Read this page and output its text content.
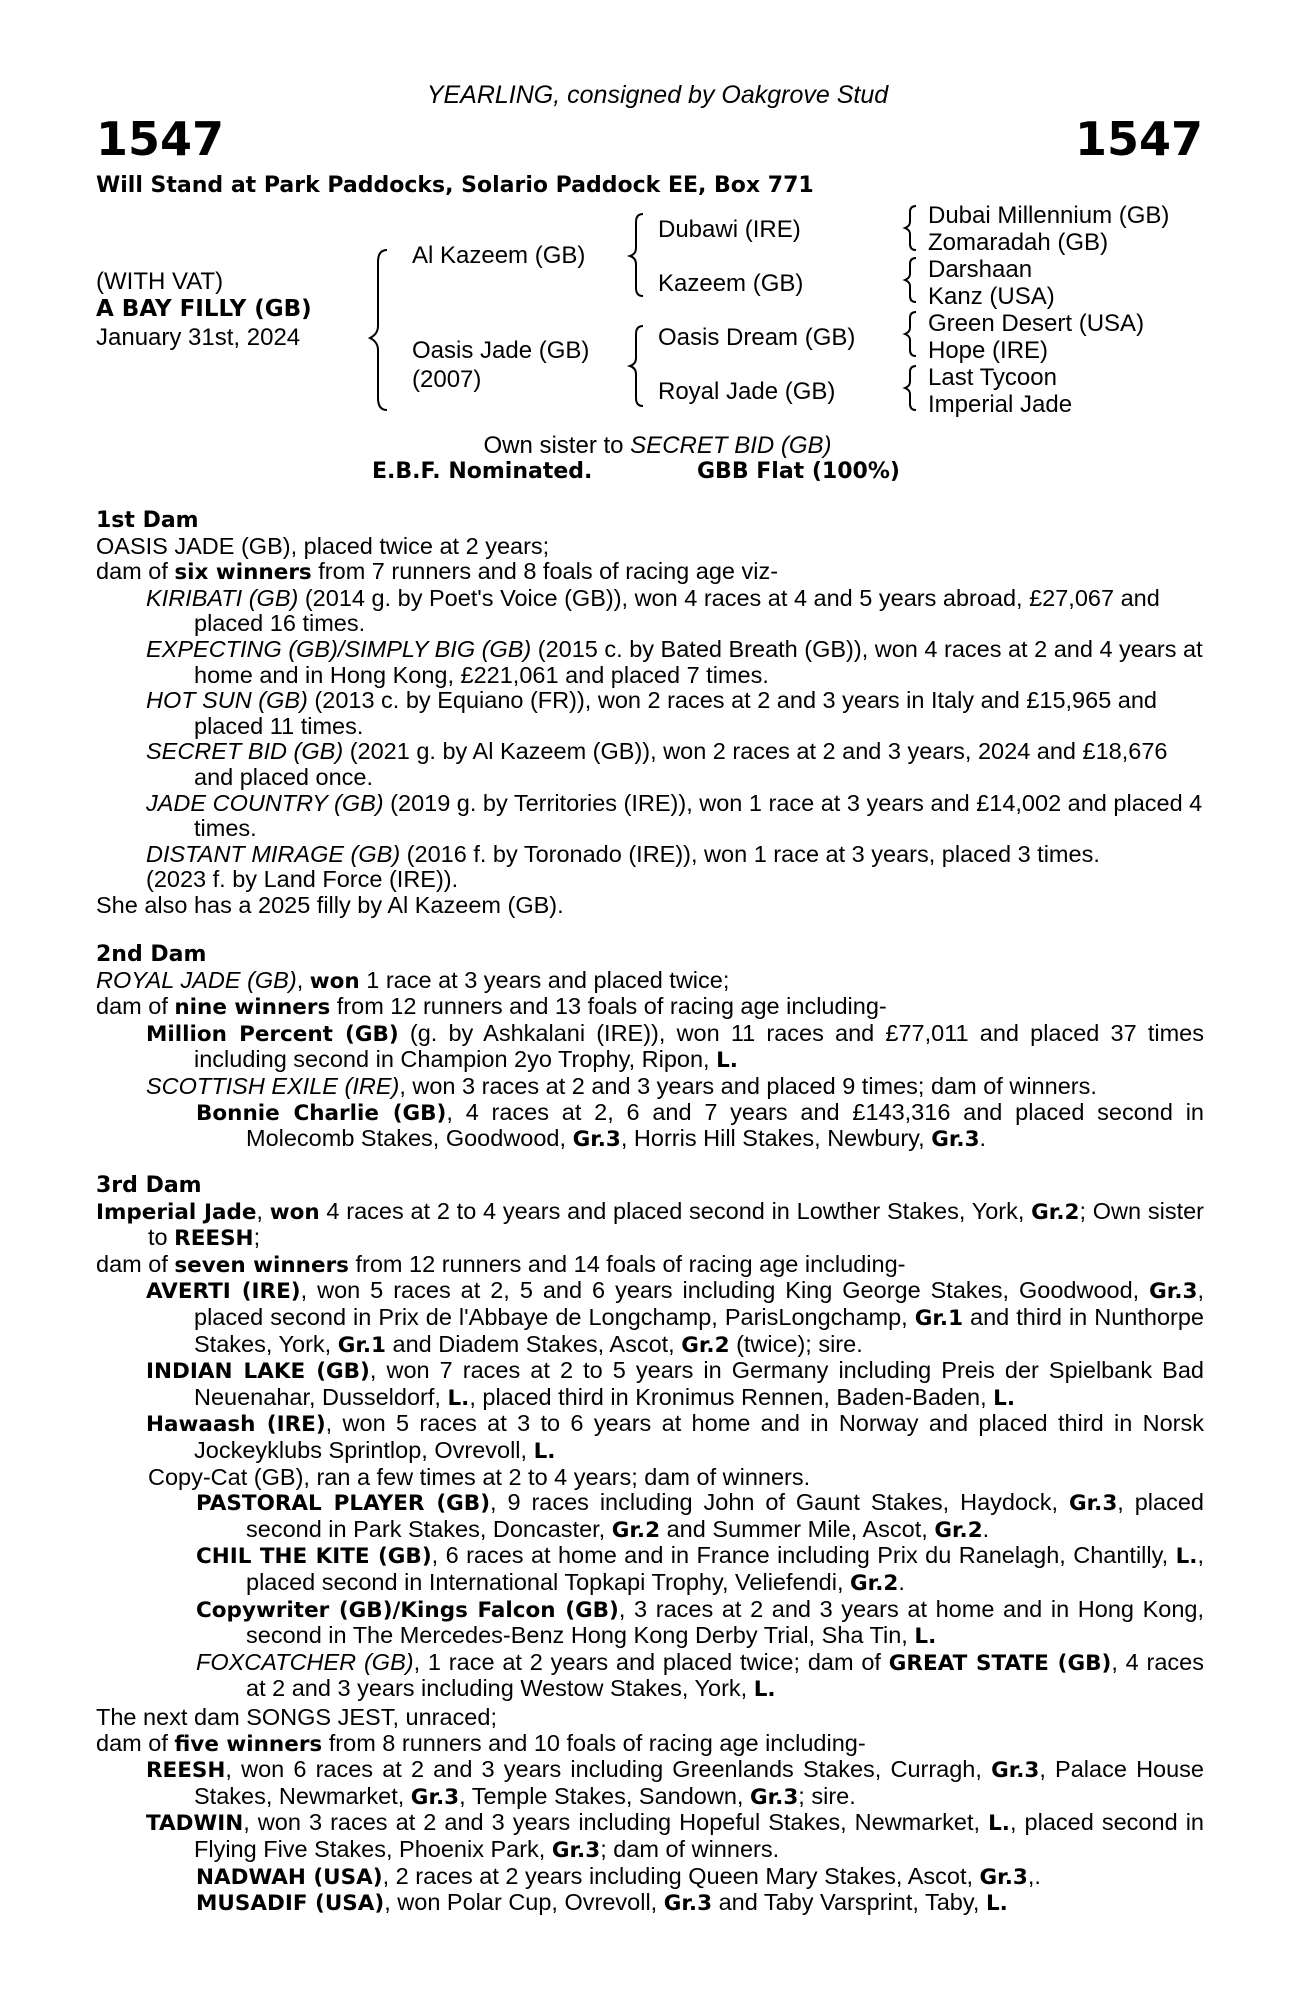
YEARLING, consigned by Oakgrove Stud
1547	1547
Will Stand at Park Paddocks, Solario Paddock EE, Box 771
(WITH VAT)
A BAY FILLY (GB)
January 31st, 2024
Al Kazeem (GB)
Oasis Jade (GB)
(2007)
Dubawi (IRE)
Kazeem (GB)
Oasis Dream (GB)
Royal Jade (GB)
Dubai Millennium (GB)
Zomaradah (GB)
Darshaan
Kanz (USA)
Green Desert (USA)
Hope (IRE)
Last Tycoon
Imperial Jade
Own sister to SECRET BID (GB)
E.B.F. Nominated.	GBB Flat (100%)

1st Dam

OASIS JADE (GB), placed twice at 2 years;

dam of six winners from 7 runners and 8 foals of racing age viz-

KIRIBATI (GB) (2014 g. by Poet's Voice (GB)), won 4 races at 4 and 5 years abroad, £27,067 and placed 16 times.

EXPECTING (GB)/SIMPLY BIG (GB) (2015 c. by Bated Breath (GB)), won 4 races at 2 and 4 years at home and in Hong Kong, £221,061 and placed 7 times.

HOT SUN (GB) (2013 c. by Equiano (FR)), won 2 races at 2 and 3 years in Italy and £15,965 and placed 11 times.

SECRET BID (GB) (2021 g. by Al Kazeem (GB)), won 2 races at 2 and 3 years, 2024 and £18,676 and placed once.

JADE COUNTRY (GB) (2019 g. by Territories (IRE)), won 1 race at 3 years and £14,002 and placed 4 times.

DISTANT MIRAGE (GB) (2016 f. by Toronado (IRE)), won 1 race at 3 years, placed 3 times.

(2023 f. by Land Force (IRE)).

She also has a 2025 filly by Al Kazeem (GB).

2nd Dam

ROYAL JADE (GB), won 1 race at 3 years and placed twice;

dam of nine winners from 12 runners and 13 foals of racing age including-

Million Percent (GB) (g. by Ashkalani (IRE)), won 11 races and £77,011 and placed 37 times including second in Champion 2yo Trophy, Ripon, L.

SCOTTISH EXILE (IRE), won 3 races at 2 and 3 years and placed 9 times; dam of winners.

Bonnie Charlie (GB), 4 races at 2, 6 and 7 years and £143,316 and placed second in Molecomb Stakes, Goodwood, Gr.3, Horris Hill Stakes, Newbury, Gr.3.

3rd Dam

Imperial Jade, won 4 races at 2 to 4 years and placed second in Lowther Stakes, York, Gr.2; Own sister to REESH;

dam of seven winners from 12 runners and 14 foals of racing age including-

AVERTI (IRE), won 5 races at 2, 5 and 6 years including King George Stakes, Goodwood, Gr.3, placed second in Prix de l'Abbaye de Longchamp, ParisLongchamp, Gr.1 and third in Nunthorpe Stakes, York, Gr.1 and Diadem Stakes, Ascot, Gr.2 (twice); sire.

INDIAN LAKE (GB), won 7 races at 2 to 5 years in Germany including Preis der Spielbank Bad Neuenahar, Dusseldorf, L., placed third in Kronimus Rennen, Baden-Baden, L.

Hawaash (IRE), won 5 races at 3 to 6 years at home and in Norway and placed third in Norsk Jockeyklubs Sprintlop, Ovrevoll, L.

Copy-Cat (GB), ran a few times at 2 to 4 years; dam of winners.

PASTORAL PLAYER (GB), 9 races including John of Gaunt Stakes, Haydock, Gr.3, placed second in Park Stakes, Doncaster, Gr.2 and Summer Mile, Ascot, Gr.2.

CHIL THE KITE (GB), 6 races at home and in France including Prix du Ranelagh, Chantilly, L., placed second in International Topkapi Trophy, Veliefendi, Gr.2.

Copywriter (GB)/Kings Falcon (GB), 3 races at 2 and 3 years at home and in Hong Kong, second in The Mercedes-Benz Hong Kong Derby Trial, Sha Tin, L.

FOXCATCHER (GB), 1 race at 2 years and placed twice; dam of GREAT STATE (GB), 4 races at 2 and 3 years including Westow Stakes, York, L.

The next dam SONGS JEST, unraced;

dam of five winners from 8 runners and 10 foals of racing age including-

REESH, won 6 races at 2 and 3 years including Greenlands Stakes, Curragh, Gr.3, Palace House Stakes, Newmarket, Gr.3, Temple Stakes, Sandown, Gr.3; sire.

TADWIN, won 3 races at 2 and 3 years including Hopeful Stakes, Newmarket, L., placed second in Flying Five Stakes, Phoenix Park, Gr.3; dam of winners.

NADWAH (USA), 2 races at 2 years including Queen Mary Stakes, Ascot, Gr.3,.

MUSADIF (USA), won Polar Cup, Ovrevoll, Gr.3 and Taby Varsprint, Taby, L.
